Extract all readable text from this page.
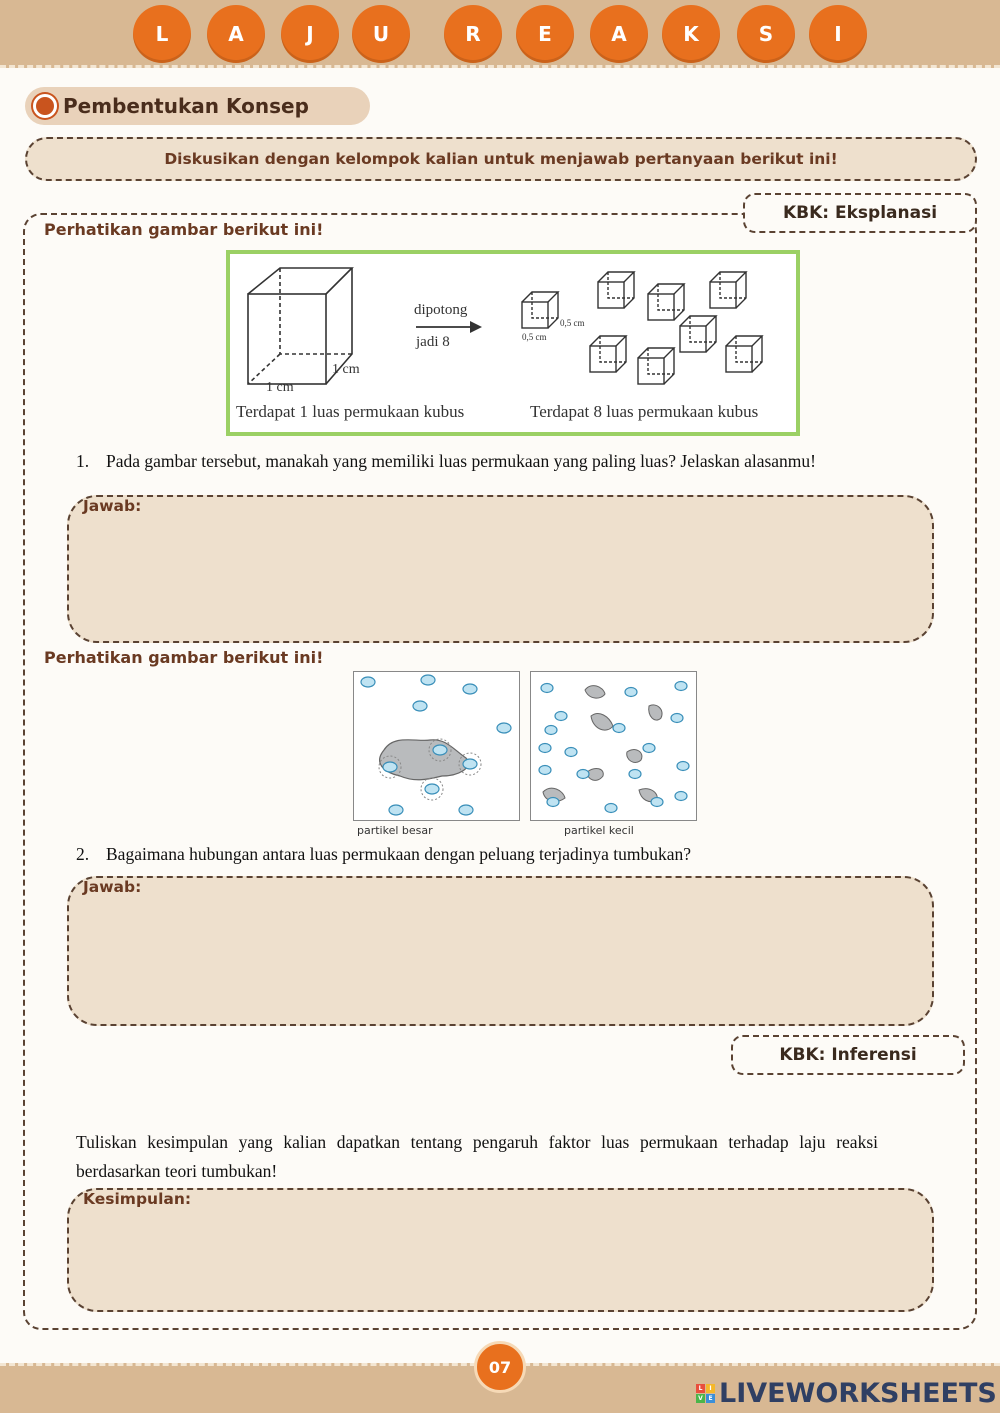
L	A	J	U	R	E	A	K	S	I
Pembentukan Konsep
Diskusikan dengan kelompok kalian untuk menjawab pertanyaan berikut ini!
KBK: Eksplanasi
Perhatikan gambar berikut ini!
1 cm
1 cm
dipotong
jadi 8
0,5 cm
0,5 cm
Terdapat 1 luas permukaan kubus	Terdapat 8 luas permukaan kubus
1. Pada gambar tersebut, manakah yang memiliki luas permukaan yang paling luas? Jelaskan alasanmu!
Jawab:
Perhatikan gambar berikut ini!
partikel besar	partikel kecil
2. Bagaimana hubungan antara luas permukaan dengan peluang terjadinya tumbukan?
Jawab:
KBK: Inferensi
Tuliskan kesimpulan yang kalian dapatkan tentang pengaruh faktor luas permukaan terhadap laju reaksi berdasarkan teori tumbukan!
Kesimpulan:
07
L	I
V E LIVEWORKSHEETS
